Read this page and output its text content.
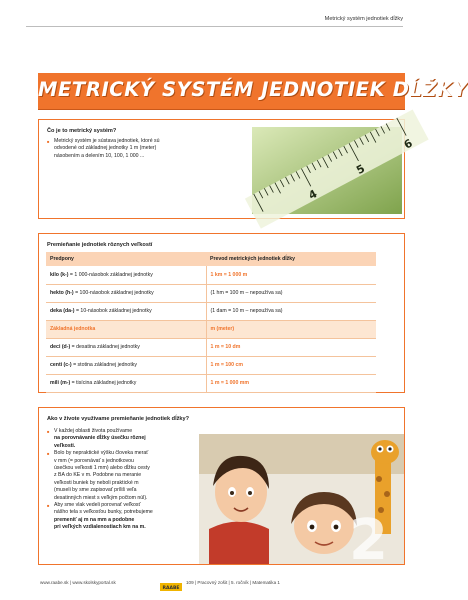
Metrický systém jednotiek dĺžky
METRICKÝ SYSTÉM JEDNOTIEK DĹŽKY
Čo je to metrický systém?
■ Metrický systém je sústava jednotiek, ktoré sú
odvodené od základnej jednotky 1 m (meter)
násobením a delením 10, 100, 1 000 ...
4
5
6
Premieňanie jednotiek rôznych veľkostí
Predpony	Prevod metrických jednotiek dĺžky
kilo (k-) = 1 000-násobok základnej jednotky	1 km = 1 000 m
hekto (h-) = 100-násobok základnej jednotky	(1 hm = 100 m – nepoužíva sa)
deka (da-) = 10-násobok základnej jednotky	(1 dam = 10 m – nepoužíva sa)
Základná jednotka	m (meter)
deci (d-) = desatina základnej jednotky	1 m = 10 dm
centi (c-) = stotina základnej jednotky	1 m = 100 cm
mili (m-) = tisícina základnej jednotky	1 m = 1 000 mm
Ako v živote využívame premieňanie jednotiek dĺžky?
■ V každej oblasti života používame
na porovnávanie dĺžky úsečku rôznej
veľkosti.
■ Bolo by nepraktické výšku človeka merať
v mm (= porovnávať s jednotkovou
úsečkou veľkosti 1 mm) alebo dĺžku cesty
z BA do KE v m. Podobne na meranie
veľkosti buniek by neboli praktické m
(museli by sme zapisovať príliš veľa
desatinných miest s veľkým počtom núl).
■ Aby sme vlak vedeli porovnať veľkosť
nášho tela s veľkosťou bunky, potrebujeme
premeniť aj m na mm a podobne
pri veľkých vzdialenostiach km na m.	2
www.raabe.sk | www.skolskyportal.sk
RAABE
109 | Pracovný zošit | 5. ročník | Matematika 1
